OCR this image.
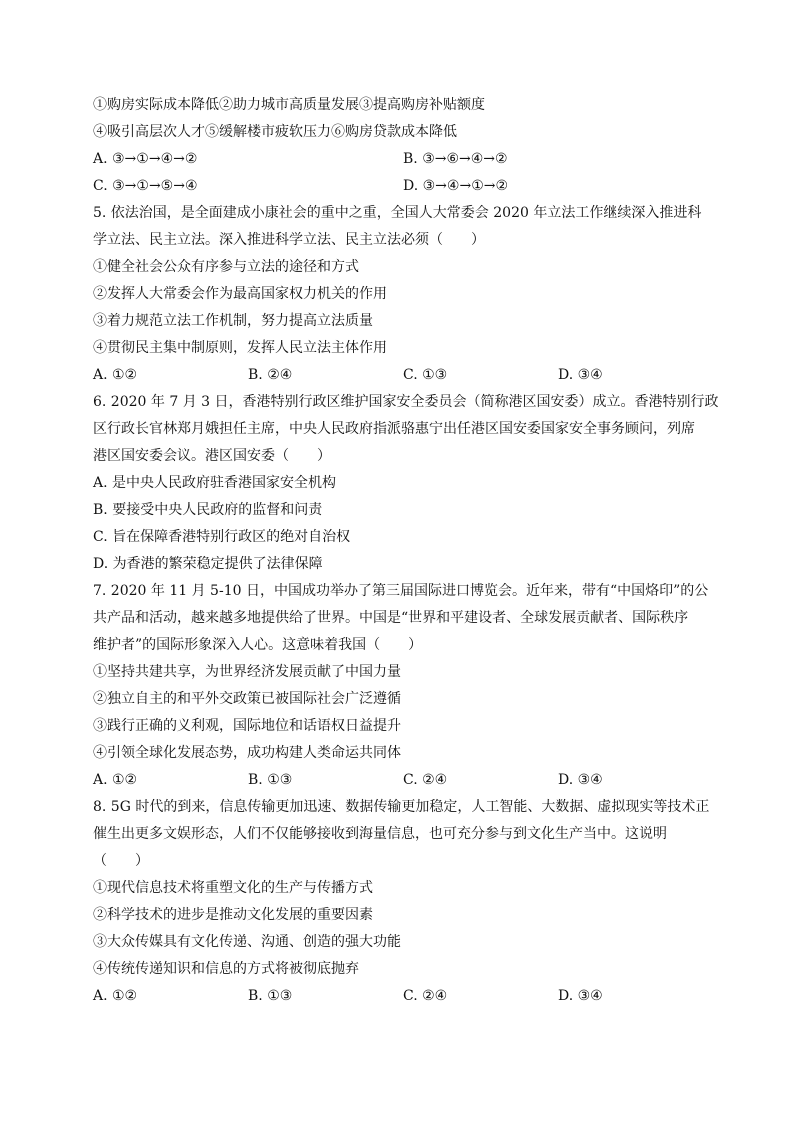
①购房实际成本降低②助力城市高质量发展③提高购房补贴额度
④吸引高层次人才⑤缓解楼市疲软压力⑥购房贷款成本降低
A. ③→①→④→②	B. ③→⑥→④→②
C. ③→①→⑤→④	D. ③→④→①→②
5. 依法治国，是全面建成小康社会的重中之重，全国人大常委会 2020 年立法工作继续深入推进科
学立法、民主立法。深入推进科学立法、民主立法必须（　　）
①健全社会公众有序参与立法的途径和方式
②发挥人大常委会作为最高国家权力机关的作用
③着力规范立法工作机制，努力提高立法质量
④贯彻民主集中制原则，发挥人民立法主体作用
A. ①②	B. ②④	C. ①③	D. ③④
6. 2020 年 7 月 3 日，香港特别行政区维护国家安全委员会（简称港区国安委）成立。香港特别行政
区行政长官林郑月娥担任主席，中央人民政府指派骆惠宁出任港区国安委国家安全事务顾问，列席
港区国安委会议。港区国安委（　　）
A. 是中央人民政府驻香港国家安全机构
B. 要接受中央人民政府的监督和问责
C. 旨在保障香港特别行政区的绝对自治权
D. 为香港的繁荣稳定提供了法律保障
7. 2020 年 11 月 5-10 日，中国成功举办了第三届国际进口博览会。近年来，带有“中国烙印”的公
共产品和活动，越来越多地提供给了世界。中国是“世界和平建设者、全球发展贡献者、国际秩序
维护者”的国际形象深入人心。这意味着我国（　　）
①坚持共建共享，为世界经济发展贡献了中国力量
②独立自主的和平外交政策已被国际社会广泛遵循
③践行正确的义利观，国际地位和话语权日益提升
④引领全球化发展态势，成功构建人类命运共同体
A. ①②	B. ①③	C. ②④	D. ③④
8. 5G 时代的到来，信息传输更加迅速、数据传输更加稳定，人工智能、大数据、虚拟现实等技术正
催生出更多文娱形态，人们不仅能够接收到海量信息，也可充分参与到文化生产当中。这说明
（　　）
①现代信息技术将重塑文化的生产与传播方式
②科学技术的进步是推动文化发展的重要因素
③大众传媒具有文化传递、沟通、创造的强大功能
④传统传递知识和信息的方式将被彻底抛弃
A. ①②	B. ①③	C. ②④	D. ③④
